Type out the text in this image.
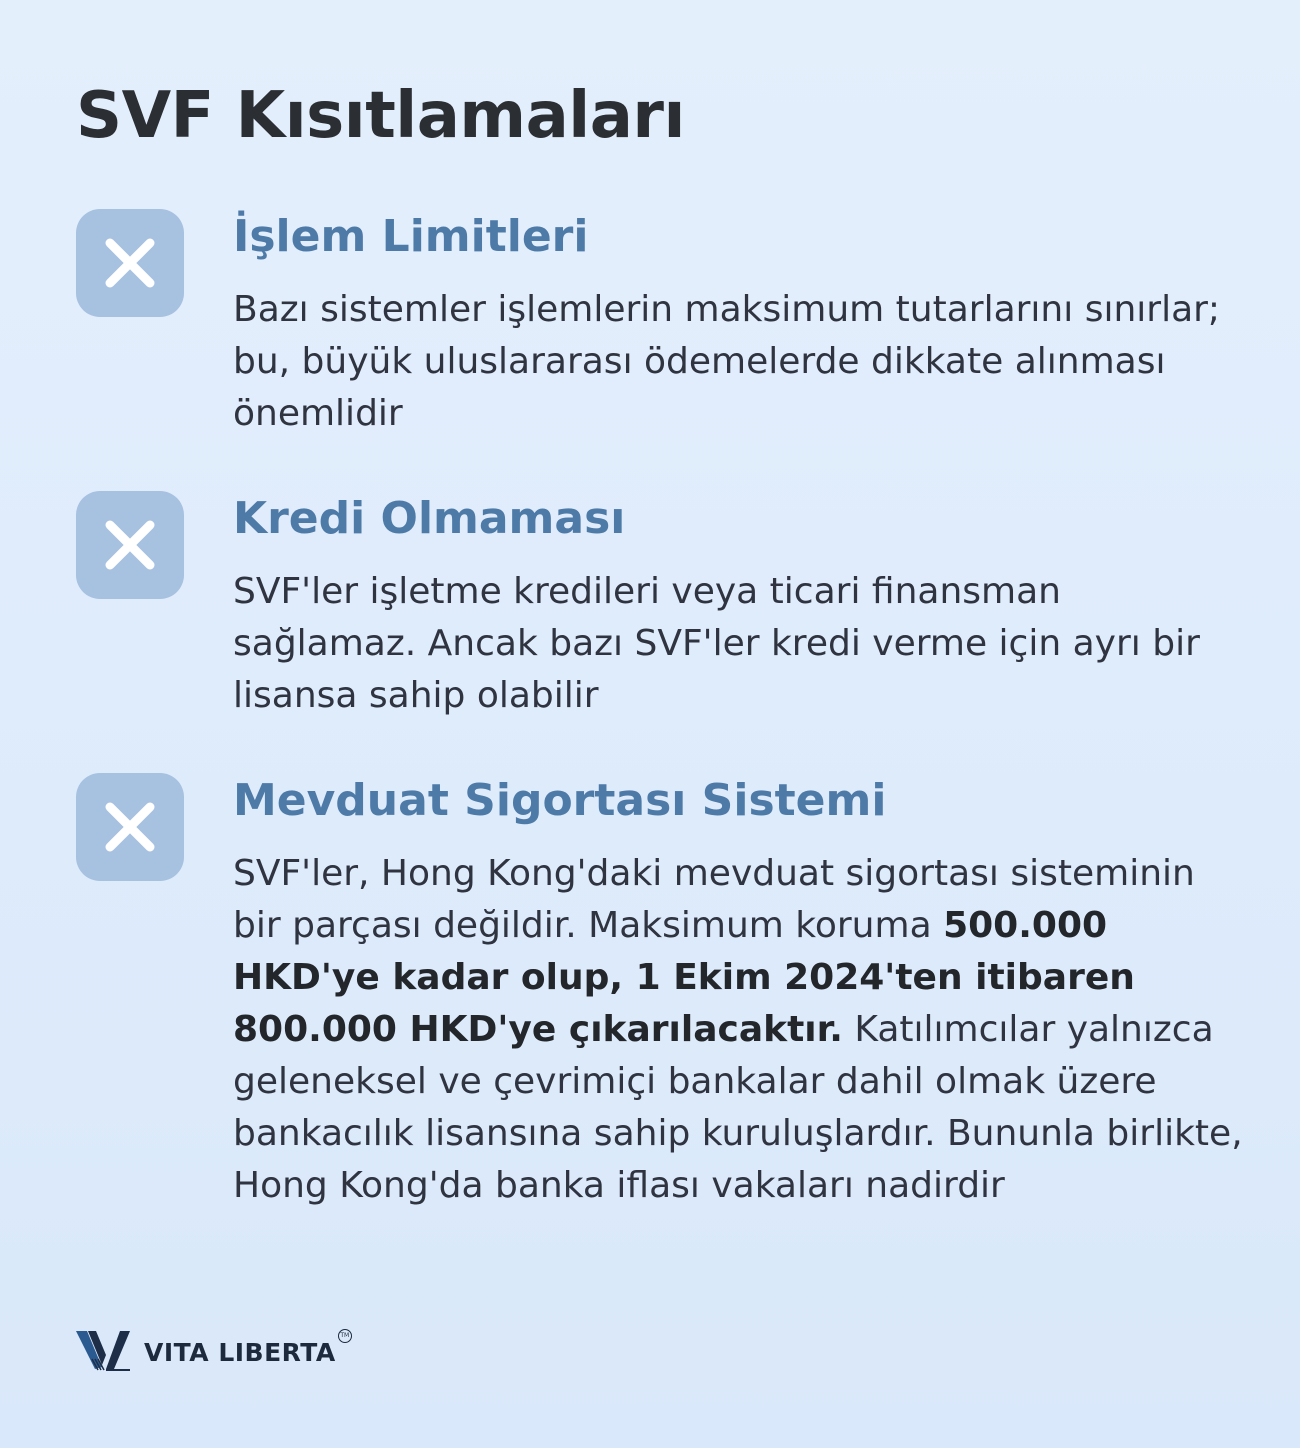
SVF Kısıtlamaları
İşlem Limitleri

Bazı sistemler işlemlerin maksimum tutarlarını sınırlar; bu, büyük uluslararası ödemelerde dikkate alınması önemlidir

Kredi Olmaması

SVF'ler işletme kredileri veya ticari finansman sağlamaz. Ancak bazı SVF'ler kredi verme için ayrı bir lisansa sahip olabilir

Mevduat Sigortası Sistemi

SVF'ler, Hong Kong'daki mevduat sigortası sisteminin bir parçası değildir. Maksimum koruma 500.000 HKD'ye kadar olup, 1 Ekim 2024'ten itibaren 800.000 HKD'ye çıkarılacaktır. Katılımcılar yalnızca geleneksel ve çevrimiçi bankalar dahil olmak üzere bankacılık lisansına sahip kuruluşlardır. Bununla birlikte, Hong Kong'da banka iflası vakaları nadirdir

VITA LIBERTA
TM
